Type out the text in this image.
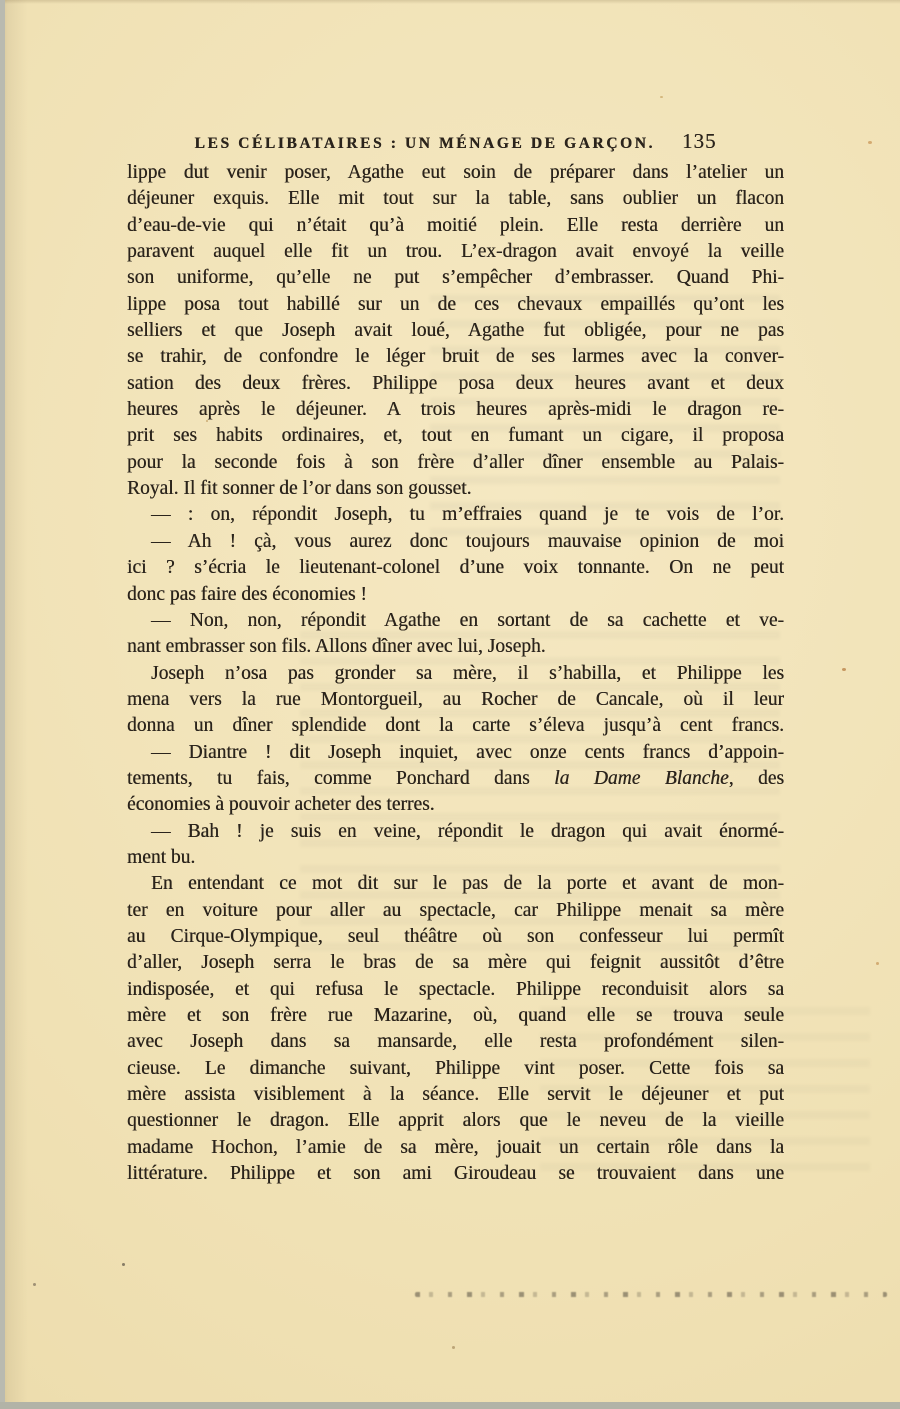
LES CÉLIBATAIRES : UN MÉNAGE DE GARÇON. 135
lippe dut venir poser, Agathe eut soin de préparer dans l’atelier un
déjeuner exquis. Elle mit tout sur la table, sans oublier un flacon
d’eau-de-vie qui n’était qu’à moitié plein. Elle resta derrière un
paravent auquel elle fit un trou. L’ex-dragon avait envoyé la veille
son uniforme, qu’elle ne put s’empêcher d’embrasser. Quand Phi-
lippe posa tout habillé sur un de ces chevaux empaillés qu’ont les
selliers et que Joseph avait loué, Agathe fut obligée, pour ne pas
se trahir, de confondre le léger bruit de ses larmes avec la conver-
sation des deux frères. Philippe posa deux heures avant et deux
heures après le déjeuner. A trois heures après-midi le dragon re-
prit ses habits ordinaires, et, tout en fumant un cigare, il proposa
pour la seconde fois à son frère d’aller dîner ensemble au Palais-
Royal. Il fit sonner de l’or dans son gousset.
— : on, répondit Joseph, tu m’effraies quand je te vois de l’or.
— Ah ! çà, vous aurez donc toujours mauvaise opinion de moi
ici ? s’écria le lieutenant-colonel d’une voix tonnante. On ne peut
donc pas faire des économies !
— Non, non, répondit Agathe en sortant de sa cachette et ve-
nant embrasser son fils. Allons dîner avec lui, Joseph.
Joseph n’osa pas gronder sa mère, il s’habilla, et Philippe les
mena vers la rue Montorgueil, au Rocher de Cancale, où il leur
donna un dîner splendide dont la carte s’éleva jusqu’à cent francs.
— Diantre ! dit Joseph inquiet, avec onze cents francs d’appoin-
tements, tu fais, comme Ponchard dans la Dame Blanche, des
économies à pouvoir acheter des terres.
— Bah ! je suis en veine, répondit le dragon qui avait énormé-
ment bu.
En entendant ce mot dit sur le pas de la porte et avant de mon-
ter en voiture pour aller au spectacle, car Philippe menait sa mère
au Cirque-Olympique, seul théâtre où son confesseur lui permît
d’aller, Joseph serra le bras de sa mère qui feignit aussitôt d’être
indisposée, et qui refusa le spectacle. Philippe reconduisit alors sa
mère et son frère rue Mazarine, où, quand elle se trouva seule
avec Joseph dans sa mansarde, elle resta profondément silen-
cieuse. Le dimanche suivant, Philippe vint poser. Cette fois sa
mère assista visiblement à la séance. Elle servit le déjeuner et put
questionner le dragon. Elle apprit alors que le neveu de la vieille
madame Hochon, l’amie de sa mère, jouait un certain rôle dans la
littérature. Philippe et son ami Giroudeau se trouvaient dans une
